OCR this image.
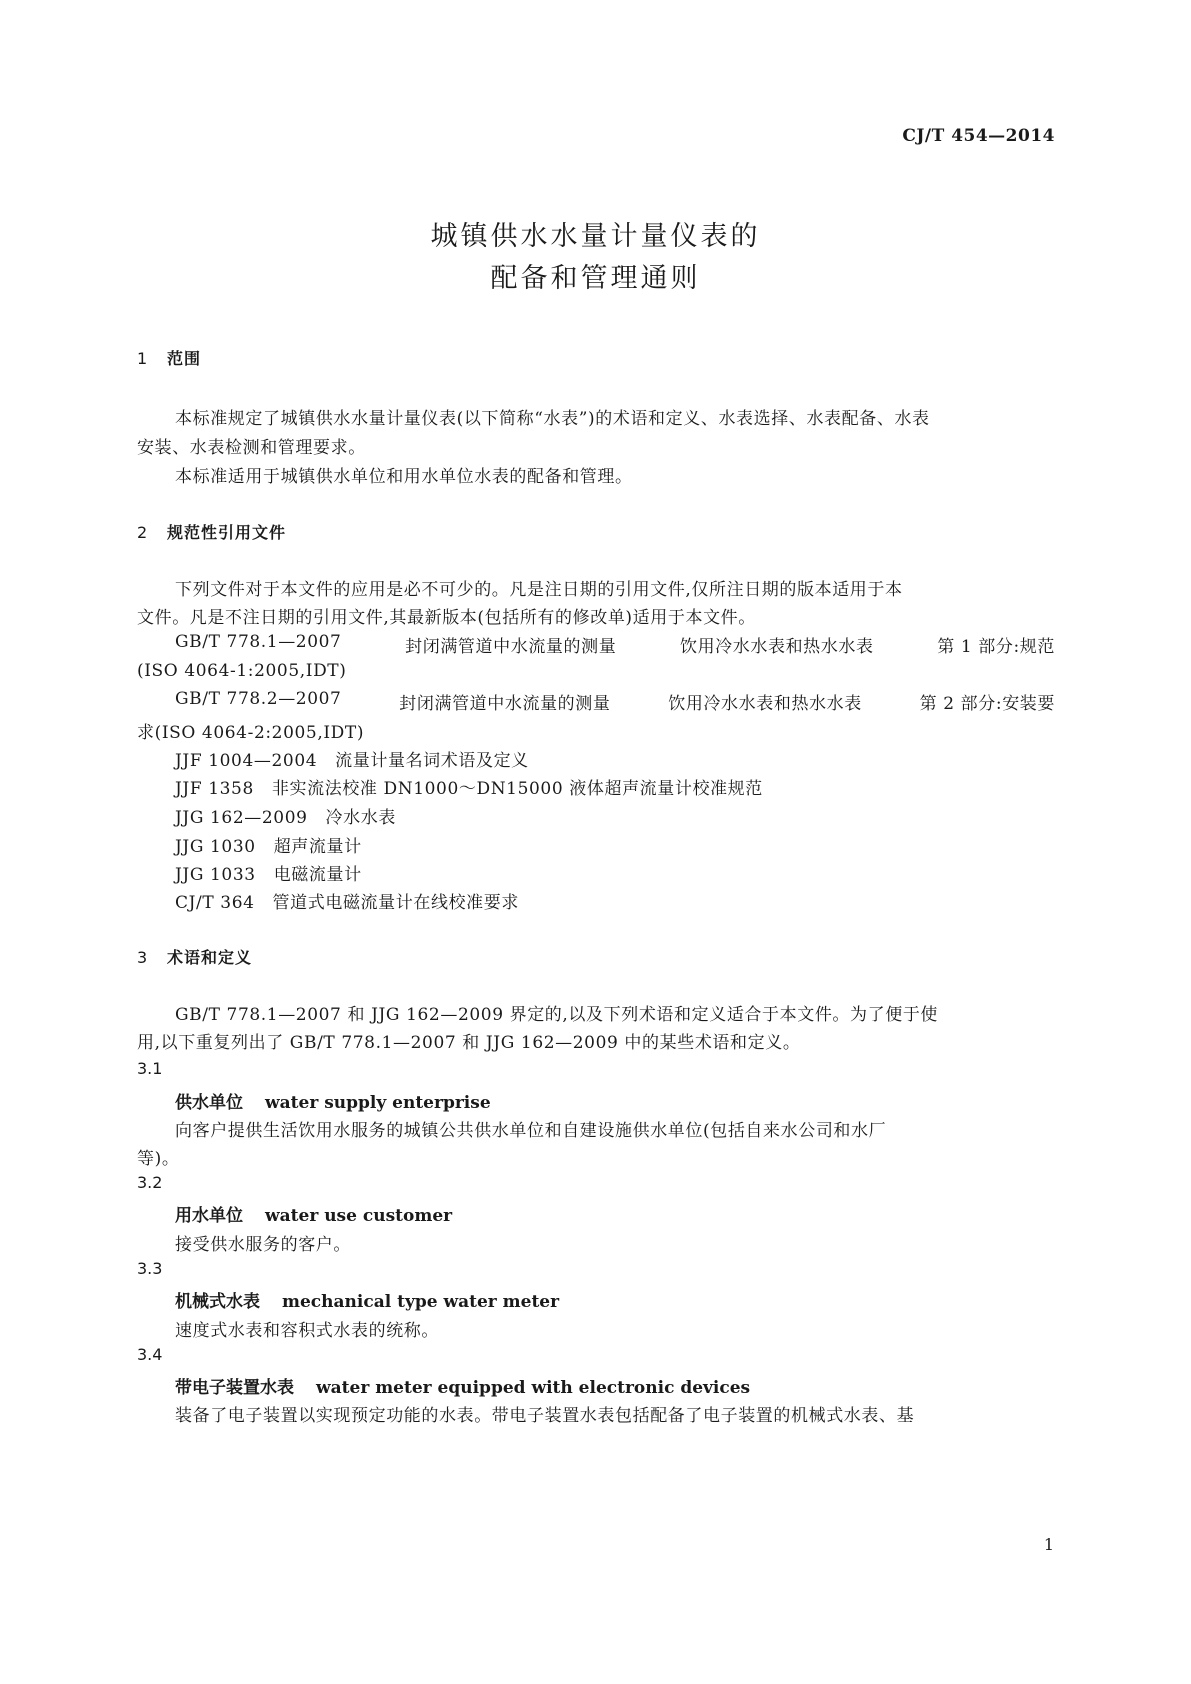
CJ/T 454—2014
城镇供水水量计量仪表的
配备和管理通则
1 范围
本标准规定了城镇供水水量计量仪表(以下简称“水表”)的术语和定义、水表选择、水表配备、水表
安装、水表检测和管理要求。
本标准适用于城镇供水单位和用水单位水表的配备和管理。
2 规范性引用文件
下列文件对于本文件的应用是必不可少的。凡是注日期的引用文件,仅所注日期的版本适用于本
文件。凡是不注日期的引用文件,其最新版本(包括所有的修改单)适用于本文件。
GB/T 778.1—2007	封闭满管道中水流量的测量	饮用冷水水表和热水水表	第 1 部分:规范
(ISO 4064-1:2005,IDT)
GB/T 778.2—2007	封闭满管道中水流量的测量	饮用冷水水表和热水水表	第 2 部分:安装要
求(ISO 4064-2:2005,IDT)
JJF 1004—2004 流量计量名词术语及定义
JJF 1358 非实流法校准 DN1000～DN15000 液体超声流量计校准规范
JJG 162—2009 冷水水表
JJG 1030 超声流量计
JJG 1033 电磁流量计
CJ/T 364 管道式电磁流量计在线校准要求
3 术语和定义
GB/T 778.1—2007 和 JJG 162—2009 界定的,以及下列术语和定义适合于本文件。为了便于使
用,以下重复列出了 GB/T 778.1—2007 和 JJG 162—2009 中的某些术语和定义。
3.1
供水单位 water supply enterprise
向客户提供生活饮用水服务的城镇公共供水单位和自建设施供水单位(包括自来水公司和水厂
等)。
3.2
用水单位 water use customer
接受供水服务的客户。
3.3
机械式水表 mechanical type water meter
速度式水表和容积式水表的统称。
3.4
带电子装置水表 water meter equipped with electronic devices
装备了电子装置以实现预定功能的水表。带电子装置水表包括配备了电子装置的机械式水表、基
1
